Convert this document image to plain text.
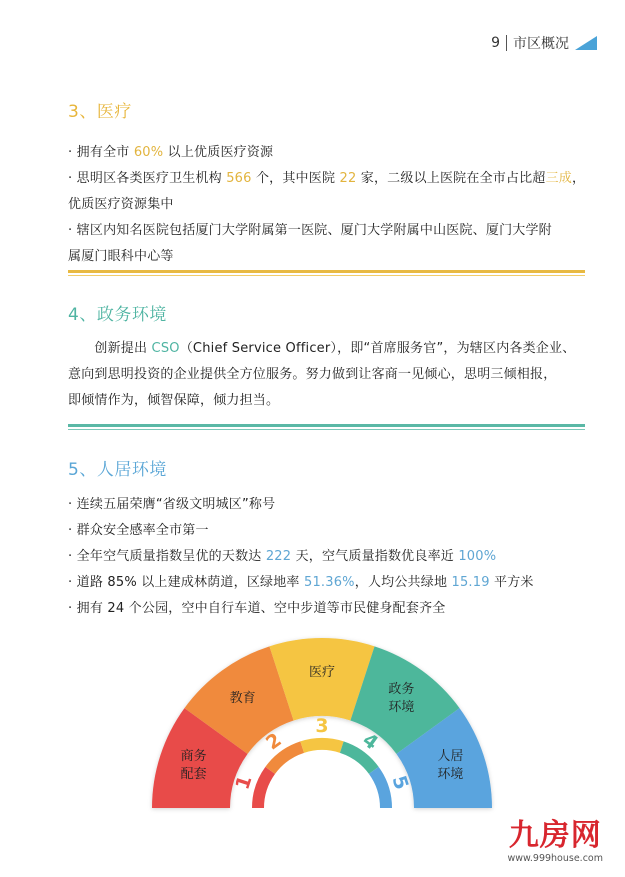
9 市区概况
3、医疗

· 拥有全市 60% 以上优质医疗资源

· 思明区各类医疗卫生机构 566 个，其中医院 22 家，二级以上医院在全市占比超三成，

优质医疗资源集中

· 辖区内知名医院包括厦门大学附属第一医院、厦门大学附属中山医院、厦门大学附

属厦门眼科中心等

4、政务环境

　　创新提出 CSO（Chief Service Officer），即“首席服务官”，为辖区内各类企业、

意向到思明投资的企业提供全方位服务。努力做到让客商一见倾心，思明三倾相报，

即倾情作为，倾智保障，倾力担当。

5、人居环境

· 连续五届荣膺“省级文明城区”称号

· 群众安全感率全市第一

· 全年空气质量指数呈优的天数达 222 天，空气质量指数优良率近 100%

· 道路 85% 以上建成林荫道，区绿地率 51.36%，人均公共绿地 15.19 平方米

· 拥有 24 个公园，空中自行车道、空中步道等市民健身配套齐全

1
2
3
4
5
商务
配套
教育
医疗
政务
环境
人居
环境
九房网
www.999house.com
